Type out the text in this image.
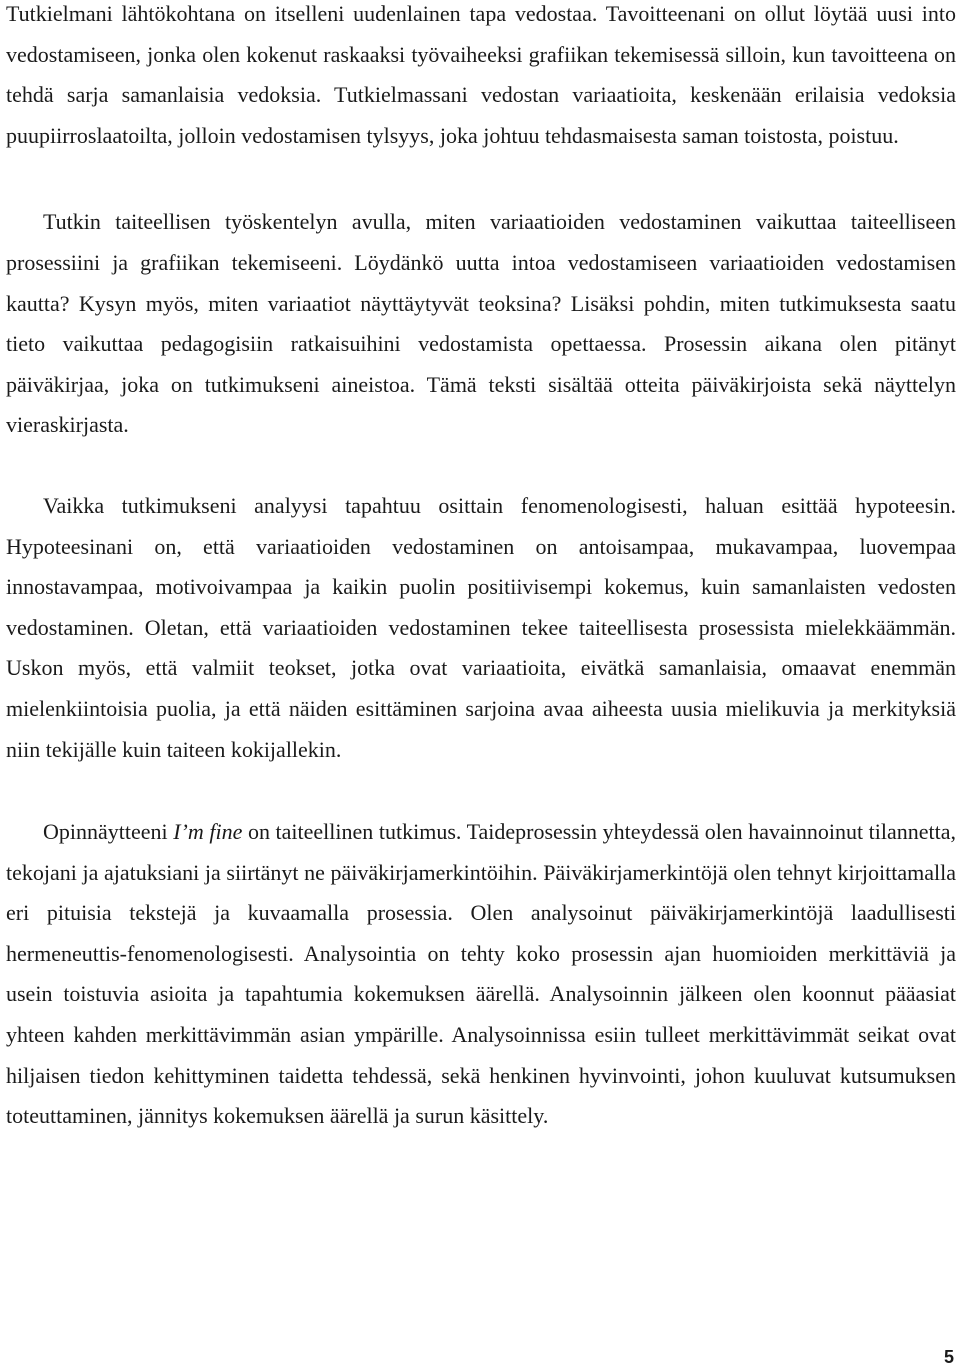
Tutkielmani lähtökohtana on itselleni uudenlainen tapa vedostaa. Tavoitteenani on ollut löytää uusi into vedostamiseen, jonka olen kokenut raskaaksi työvaiheeksi grafiikan tekemisessä silloin, kun tavoitteena on tehdä sarja samanlaisia vedoksia. Tutkielmassani vedostan variaatioita, keskenään erilaisia vedoksia puupiirroslaatoilta, jolloin vedostamisen tylsyys, joka johtuu tehdasmaisesta saman toistosta, poistuu.

Tutkin taiteellisen työskentelyn avulla, miten variaatioiden vedostaminen vaikuttaa taiteelliseen prosessiini ja grafiikan tekemiseeni. Löydänkö uutta intoa vedostamiseen variaatioiden vedostamisen kautta? Kysyn myös, miten variaatiot näyttäytyvät teoksina? Lisäksi pohdin, miten tutkimuksesta saatu tieto vaikuttaa pedagogisiin ratkaisuihini vedostamista opettaessa. Prosessin aikana olen pitänyt päiväkirjaa, joka on tutkimukseni aineistoa. Tämä teksti sisältää otteita päiväkirjoista sekä näyttelyn vieraskirjasta.

Vaikka tutkimukseni analyysi tapahtuu osittain fenomenologisesti, haluan esittää hypoteesin. Hypoteesinani on, että variaatioiden vedostaminen on antoisampaa, mukavampaa, luovempaa innostavampaa, motivoivampaa ja kaikin puolin positiivisempi kokemus, kuin samanlaisten vedosten vedostaminen. Oletan, että variaatioiden vedostaminen tekee taiteellisesta prosessista mielekkäämmän. Uskon myös, että valmiit teokset, jotka ovat variaatioita, eivätkä samanlaisia, omaavat enemmän mielenkiintoisia puolia, ja että näiden esittäminen sarjoina avaa aiheesta uusia mielikuvia ja merkityksiä niin tekijälle kuin taiteen kokijallekin.

Opinnäytteeni I’m fine on taiteellinen tutkimus. Taideprosessin yhteydessä olen havainnoinut tilannetta, tekojani ja ajatuksiani ja siirtänyt ne päiväkirjamerkintöihin. Päiväkirjamerkintöjä olen tehnyt kirjoittamalla eri pituisia tekstejä ja kuvaamalla prosessia. Olen analysoinut päiväkirjamerkintöjä laadullisesti hermeneuttis-fenomenologisesti. Analysointia on tehty koko prosessin ajan huomioiden merkittäviä ja usein toistuvia asioita ja tapahtumia kokemuksen äärellä. Analysoinnin jälkeen olen koonnut pääasiat yhteen kahden merkittävimmän asian ympärille. Analysoinnissa esiin tulleet merkittävimmät seikat ovat hiljaisen tiedon kehittyminen taidetta tehdessä, sekä henkinen hyvinvointi, johon kuuluvat kutsumuksen toteuttaminen, jännitys kokemuksen äärellä ja surun käsittely.

5
